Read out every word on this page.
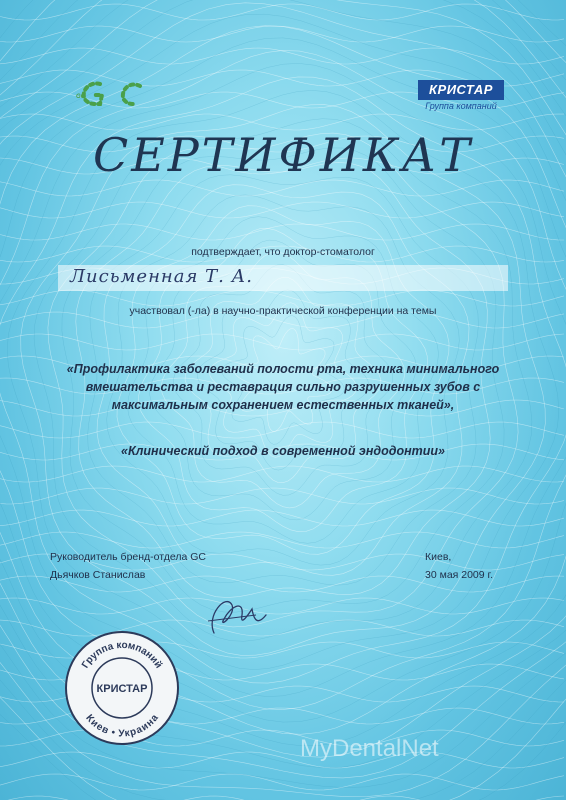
GC	КРИСТАР
Группа компаний
СЕРТИФИКАТ
подтверждает, что доктор-стоматолог
Лисьменная Т. А.
участвовал (-ла) в научно-практической конференции на темы
«Профилактика заболеваний полости рта, техника минимального вмешательства и реставрация сильно разрушенных зубов с максимальным сохранением естественных тканей»,
«Клинический подход в современной эндодонтии»
Руководитель бренд-отдела GC
Дьячков Станислав
Киев,
30 мая 2009 г.
Группа компаний
КРИСТАР
Киев • Украина
MyDentalNet
